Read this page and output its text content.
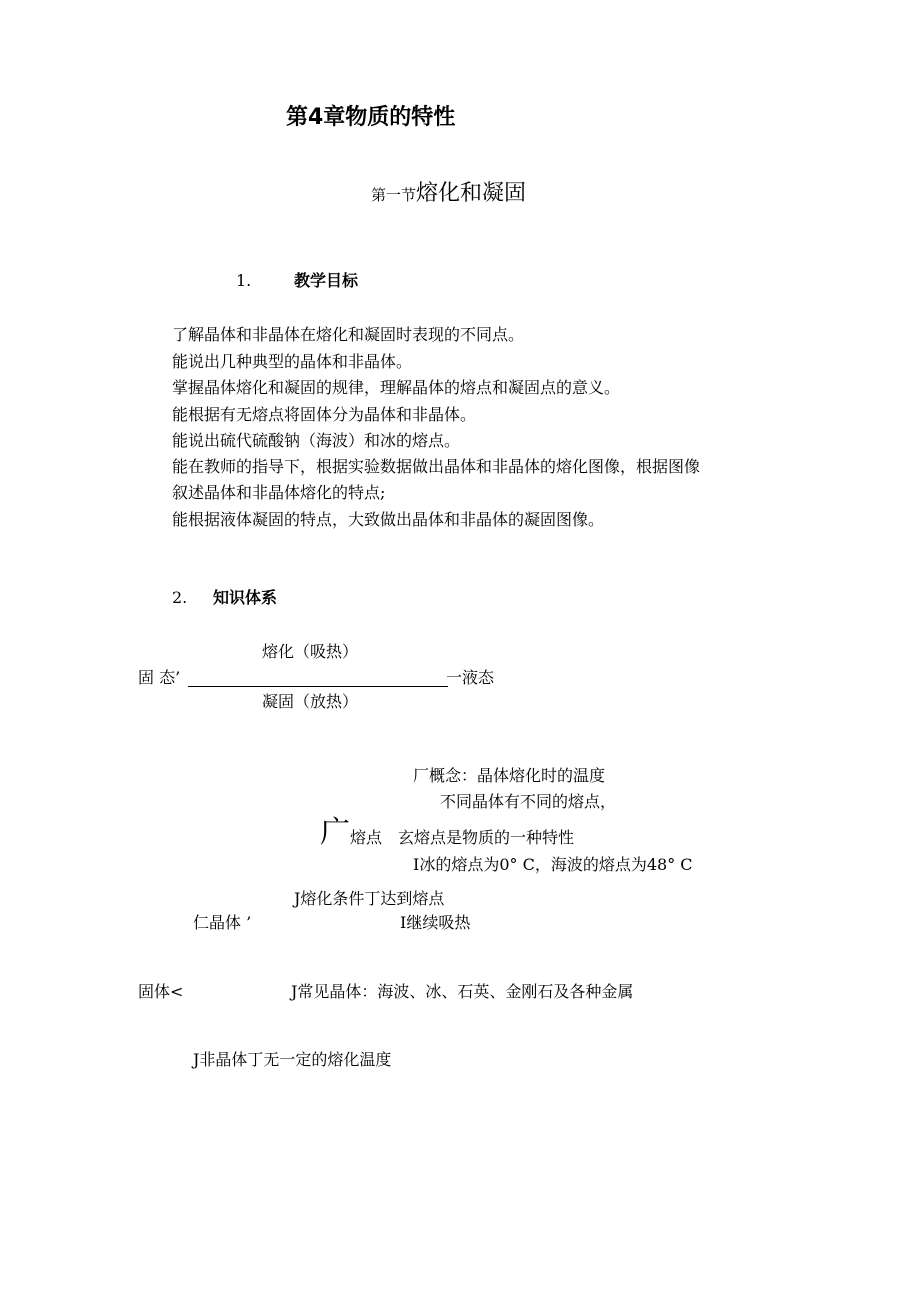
第4章物质的特性
第一节熔化和凝固
1.	教学目标
了解晶体和非晶体在熔化和凝固时表现的不同点。
能说出几种典型的晶体和非晶体。
掌握晶体熔化和凝固的规律，理解晶体的熔点和凝固点的意义。
能根据有无熔点将固体分为晶体和非晶体。
能说出硫代硫酸钠（海波）和冰的熔点。
能在教师的指导下，根据实验数据做出晶体和非晶体的熔化图像，根据图像
叙述晶体和非晶体熔化的特点;
能根据液体凝固的特点，大致做出晶体和非晶体的凝固图像。
2. 知识体系
熔化（吸热）
固 态’	一液态
凝固（放热）
厂概念：晶体熔化时的温度
不同晶体有不同的熔点，
广 熔点 玄熔点是物质的一种特性
I冰的熔点为0° C，海波的熔点为48° C
J熔化条件丁达到熔点
仁晶体 ’	I继续吸热
固体<	J常见晶体：海波、冰、石英、金刚石及各种金属
J非晶体丁无一定的熔化温度
